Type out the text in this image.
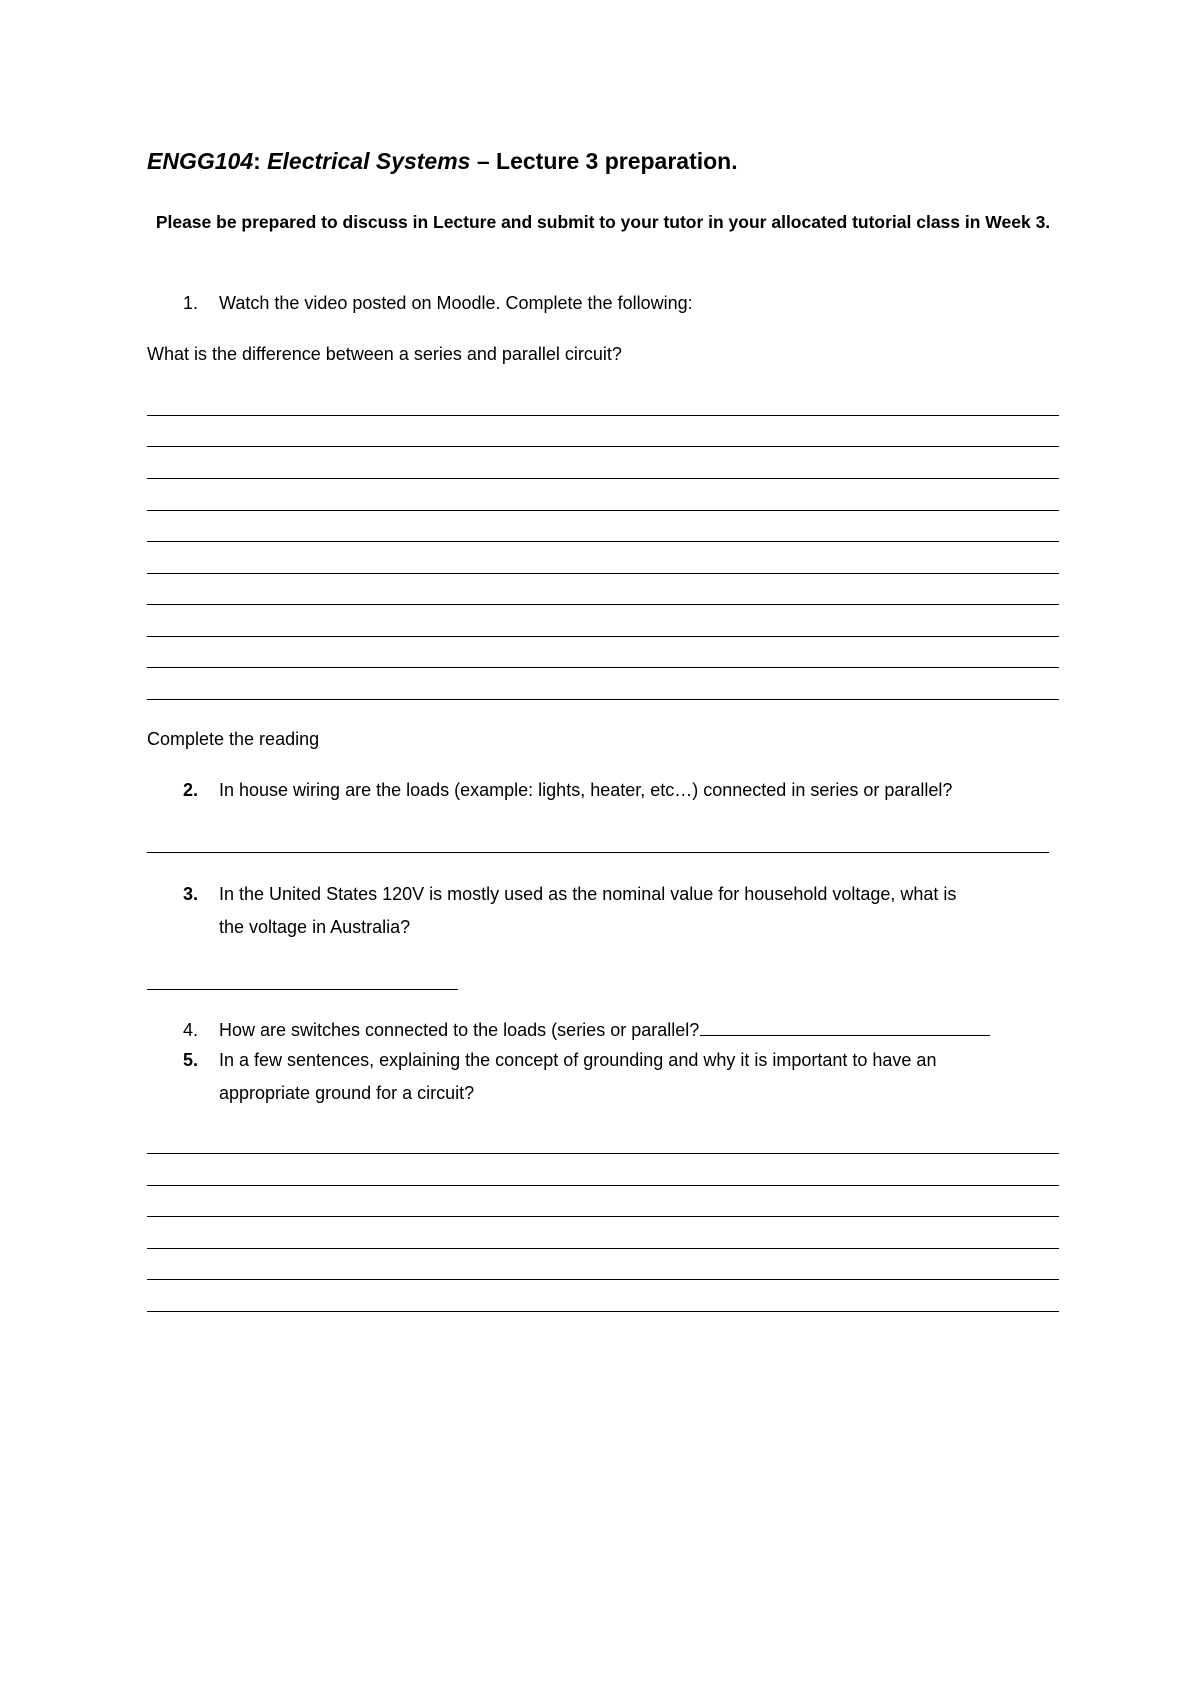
ENGG104: Electrical Systems – Lecture 3 preparation.
Please be prepared to discuss in Lecture and submit to your tutor in your allocated tutorial class in Week 3.
1. Watch the video posted on Moodle. Complete the following:
What is the difference between a series and parallel circuit?
Complete the reading
2. In house wiring are the loads (example: lights, heater, etc…) connected in series or parallel?
3. In the United States 120V is mostly used as the nominal value for household voltage, what is
the voltage in Australia?
4. How are switches connected to the loads (series or parallel?
5. In a few sentences, explaining the concept of grounding and why it is important to have an
appropriate ground for a circuit?
